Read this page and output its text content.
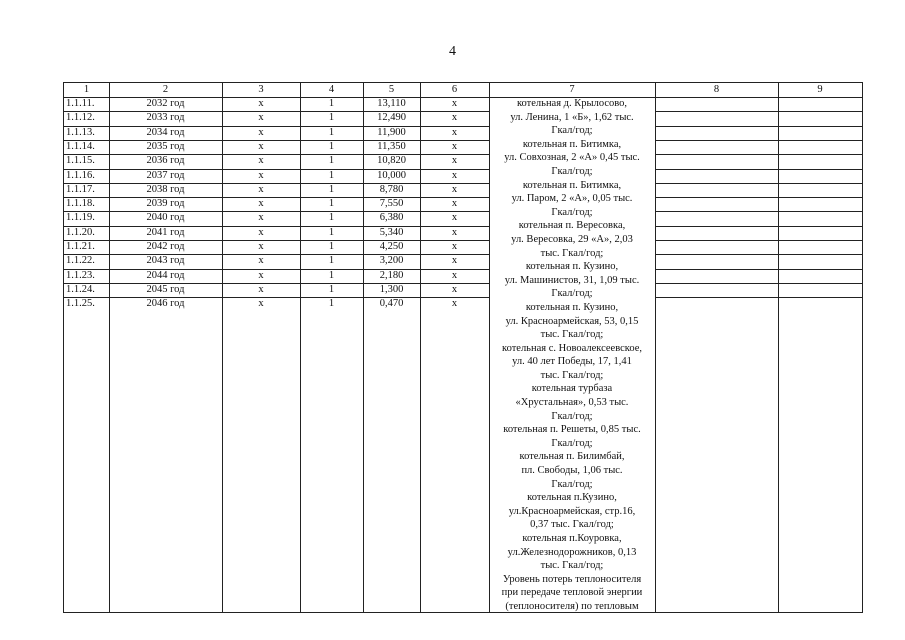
4
1	2	3	4	5	6	7	8	9
котельная д. Крылосово,
ул. Ленина, 1 «Б», 1,62 тыс.
Гкал/год;
котельная п. Битимка,
ул. Совхозная, 2 «А» 0,45 тыс.
Гкал/год;
котельная п. Битимка,
ул. Паром, 2 «А», 0,05 тыс.
Гкал/год;
котельная п. Вересовка,
ул. Вересовка, 29 «А», 2,03
тыс. Гкал/год;
котельная п. Кузино,
ул. Машинистов, 31, 1,09 тыс.
Гкал/год;
котельная п. Кузино,
ул. Красноармейская, 53, 0,15
тыс. Гкал/год;
котельная с. Новоалексеевское,
ул. 40 лет Победы, 17, 1,41
тыс. Гкал/год;
котельная турбаза
«Хрустальная», 0,53 тыс.
Гкал/год;
котельная п. Решеты, 0,85 тыс.
Гкал/год;
котельная п. Билимбай,
пл. Свободы, 1,06 тыс.
Гкал/год;
котельная п.Кузино,
ул.Красноармейская, стр.16,
0,37 тыс. Гкал/год;
котельная п.Коуровка,
ул.Железнодорожников, 0,13
тыс. Гкал/год;
Уровень потерь теплоносителя
при передаче тепловой энергии
(теплоносителя) по тепловым
1.1.11.	2032 год	х	1	13,110	х
1.1.12.	2033 год	х	1	12,490	х
1.1.13.	2034 год	х	1	11,900	х
1.1.14.	2035 год	х	1	11,350	х
1.1.15.	2036 год	х	1	10,820	х
1.1.16.	2037 год	х	1	10,000	х
1.1.17.	2038 год	х	1	8,780	х
1.1.18.	2039 год	х	1	7,550	х
1.1.19.	2040 год	х	1	6,380	х
1.1.20.	2041 год	х	1	5,340	х
1.1.21.	2042 год	х	1	4,250	х
1.1.22.	2043 год	х	1	3,200	х
1.1.23.	2044 год	х	1	2,180	х
1.1.24.	2045 год	х	1	1,300	х
1.1.25.	2046 год	х	1	0,470	х
